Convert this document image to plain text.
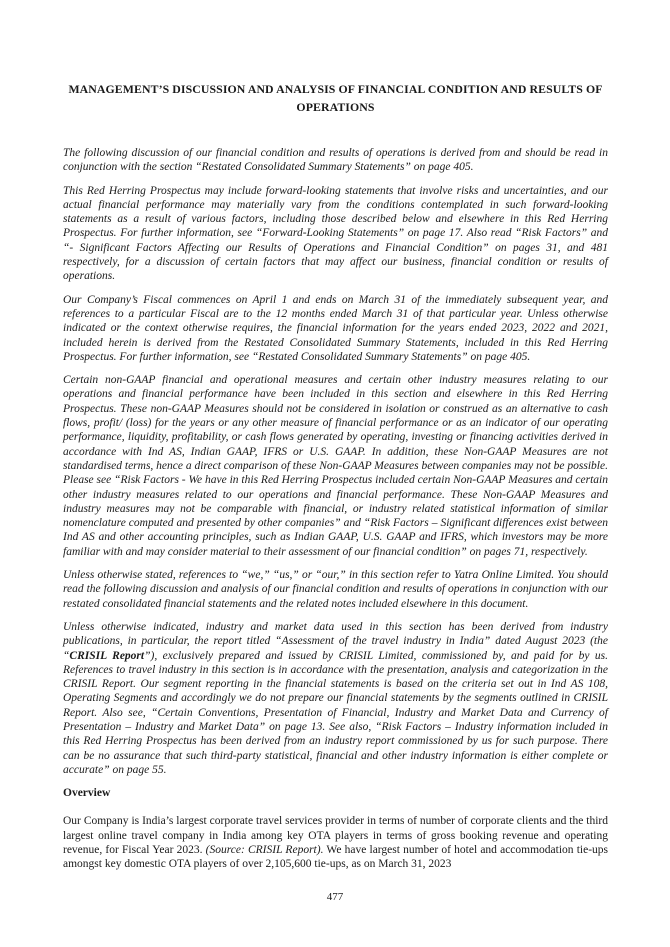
MANAGEMENT’S DISCUSSION AND ANALYSIS OF FINANCIAL CONDITION AND RESULTS OF
OPERATIONS
The following discussion of our financial condition and results of operations is derived from and should be read in conjunction with the section “Restated Consolidated Summary Statements” on page 405.
This Red Herring Prospectus may include forward-looking statements that involve risks and uncertainties, and our actual financial performance may materially vary from the conditions contemplated in such forward-looking statements as a result of various factors, including those described below and elsewhere in this Red Herring Prospectus. For further information, see “Forward-Looking Statements” on page 17. Also read “Risk Factors” and “- Significant Factors Affecting our Results of Operations and Financial Condition” on pages 31, and 481 respectively, for a discussion of certain factors that may affect our business, financial condition or results of operations.
Our Company’s Fiscal commences on April 1 and ends on March 31 of the immediately subsequent year, and references to a particular Fiscal are to the 12 months ended March 31 of that particular year. Unless otherwise indicated or the context otherwise requires, the financial information for the years ended 2023, 2022 and 2021, included herein is derived from the Restated Consolidated Summary Statements, included in this Red Herring Prospectus. For further information, see “Restated Consolidated Summary Statements” on page 405.
Certain non-GAAP financial and operational measures and certain other industry measures relating to our operations and financial performance have been included in this section and elsewhere in this Red Herring Prospectus. These non-GAAP Measures should not be considered in isolation or construed as an alternative to cash flows, profit/ (loss) for the years or any other measure of financial performance or as an indicator of our operating performance, liquidity, profitability, or cash flows generated by operating, investing or financing activities derived in accordance with Ind AS, Indian GAAP, IFRS or U.S. GAAP. In addition, these Non-GAAP Measures are not standardised terms, hence a direct comparison of these Non-GAAP Measures between companies may not be possible. Please see “Risk Factors - We have in this Red Herring Prospectus included certain Non-GAAP Measures and certain other industry measures related to our operations and financial performance. These Non-GAAP Measures and industry measures may not be comparable with financial, or industry related statistical information of similar nomenclature computed and presented by other companies” and “Risk Factors – Significant differences exist between Ind AS and other accounting principles, such as Indian GAAP, U.S. GAAP and IFRS, which investors may be more familiar with and may consider material to their assessment of our financial condition” on pages 71, respectively.
Unless otherwise stated, references to “we,” “us,” or “our,” in this section refer to Yatra Online Limited. You should read the following discussion and analysis of our financial condition and results of operations in conjunction with our restated consolidated financial statements and the related notes included elsewhere in this document.
Unless otherwise indicated, industry and market data used in this section has been derived from industry publications, in particular, the report titled “Assessment of the travel industry in India” dated August 2023 (the “CRISIL Report”), exclusively prepared and issued by CRISIL Limited, commissioned by, and paid for by us. References to travel industry in this section is in accordance with the presentation, analysis and categorization in the CRISIL Report. Our segment reporting in the financial statements is based on the criteria set out in Ind AS 108, Operating Segments and accordingly we do not prepare our financial statements by the segments outlined in CRISIL Report. Also see, “Certain Conventions, Presentation of Financial, Industry and Market Data and Currency of Presentation – Industry and Market Data” on page 13. See also, “Risk Factors – Industry information included in this Red Herring Prospectus has been derived from an industry report commissioned by us for such purpose. There can be no assurance that such third-party statistical, financial and other industry information is either complete or accurate” on page 55.
Overview
Our Company is India’s largest corporate travel services provider in terms of number of corporate clients and the third largest online travel company in India among key OTA players in terms of gross booking revenue and operating revenue, for Fiscal Year 2023. (Source: CRISIL Report). We have largest number of hotel and accommodation tie-ups amongst key domestic OTA players of over 2,105,600 tie-ups, as on March 31, 2023
477
